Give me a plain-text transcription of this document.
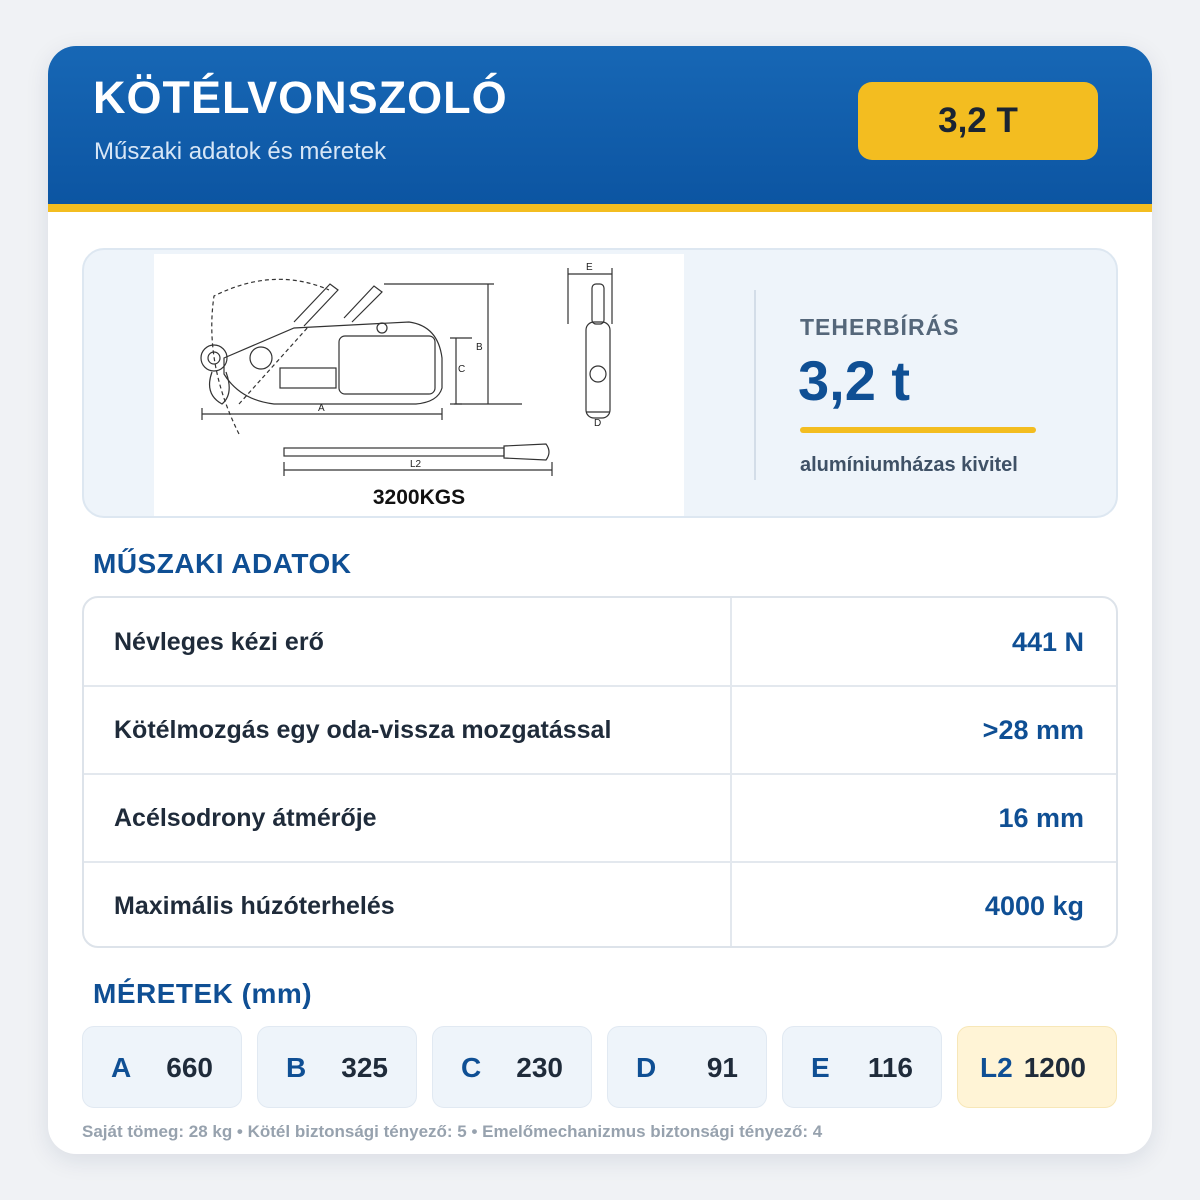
KÖTÉLVONSZOLÓ
Műszaki adatok és méretek
3,2 T
A
B
C
D
E
L2
3200KGS
TEHERBÍRÁS
3,2 t
alumíniumházas kivitel
MŰSZAKI ADATOK
Névleges kézi erő	441 N
Kötélmozgás egy oda-vissza mozgatással	>28 mm
Acélsodrony átmérője	16 mm
Maximális húzóterhelés	4000 kg
MÉRETEK (mm)
A 660	B 325	C 230	D 91	E 116 L2 1200
Saját tömeg: 28 kg • Kötél biztonsági tényező: 5 • Emelőmechanizmus biztonsági tényező: 4
